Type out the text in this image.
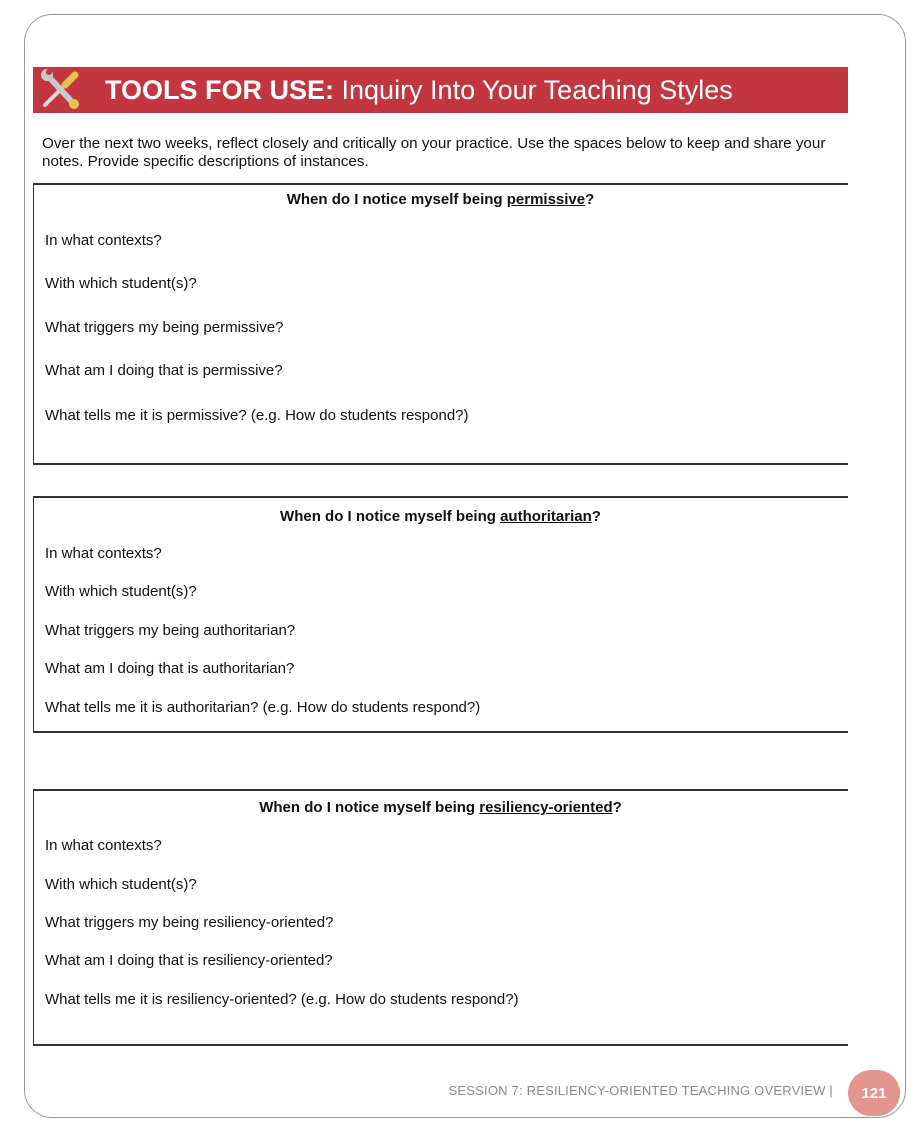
TOOLS FOR USE: Inquiry Into Your Teaching Styles

Over the next two weeks, reflect closely and critically on your practice. Use the spaces below to keep and share your notes. Provide specific descriptions of instances.

When do I notice myself being permissive?
In what contexts?
With which student(s)?
What triggers my being permissive?
What am I doing that is permissive?
What tells me it is permissive? (e.g. How do students respond?)
When do I notice myself being authoritarian?
In what contexts?
With which student(s)?
What triggers my being authoritarian?
What am I doing that is authoritarian?
What tells me it is authoritarian? (e.g. How do students respond?)
When do I notice myself being resiliency-oriented?
In what contexts?
With which student(s)?
What triggers my being resiliency-oriented?
What am I doing that is resiliency-oriented?
What tells me it is resiliency-oriented? (e.g. How do students respond?)
SESSION 7: RESILIENCY-ORIENTED TEACHING OVERVIEW |	121
